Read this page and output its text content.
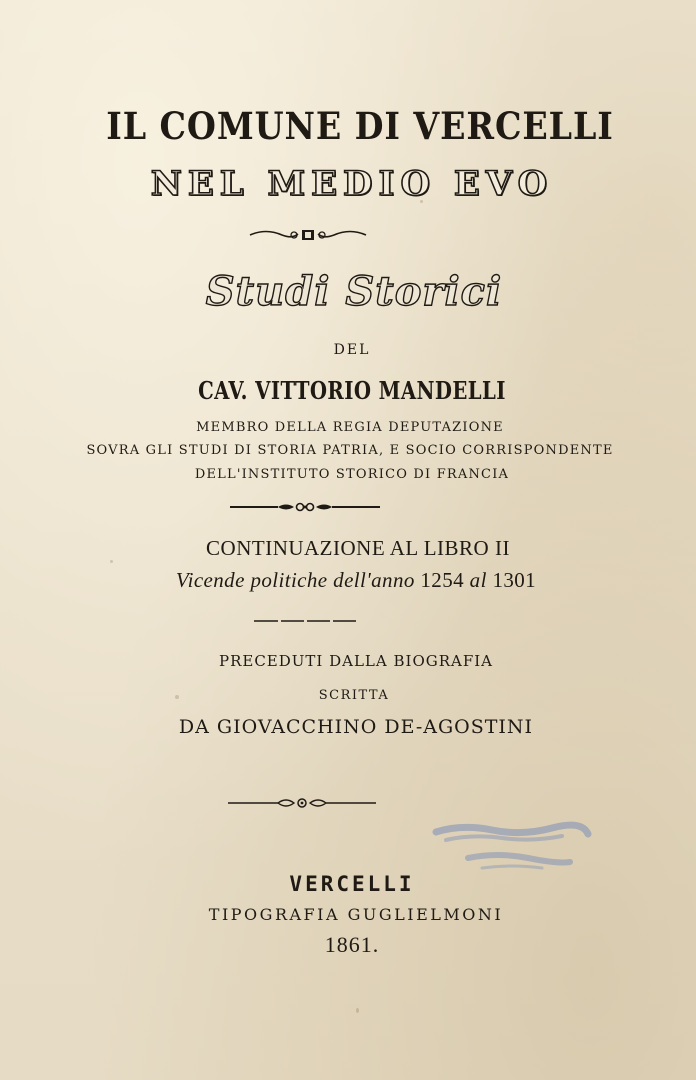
IL COMUNE DI VERCELLI
NEL MEDIO EVO
Studi Storici
DEL
CAV. VITTORIO MANDELLI
MEMBRO DELLA REGIA DEPUTAZIONE
SOVRA GLI STUDI DI STORIA PATRIA, E SOCIO CORRISPONDENTE
DELL'INSTITUTO STORICO DI FRANCIA
CONTINUAZIONE AL LIBRO II
Vicende politiche dell'anno 1254 al 1301
PRECEDUTI DALLA BIOGRAFIA
SCRITTA
DA GIOVACCHINO DE-AGOSTINI
VERCELLI
TIPOGRAFIA GUGLIELMONI
1861.
